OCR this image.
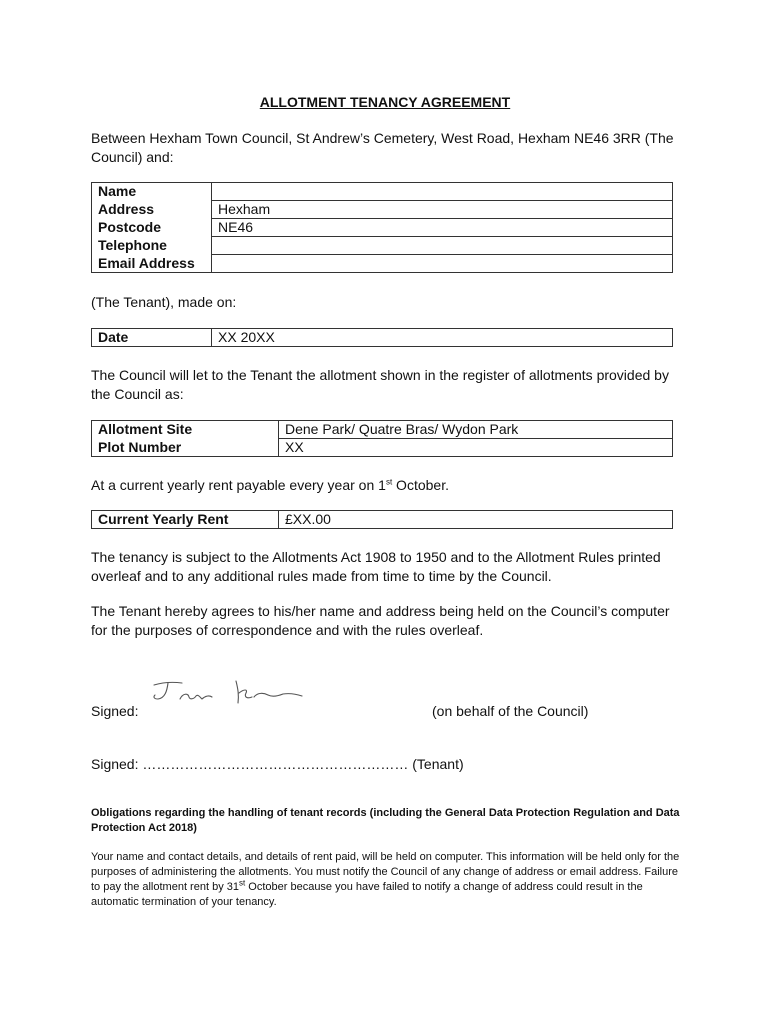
ALLOTMENT TENANCY AGREEMENT
Between Hexham Town Council, St Andrew’s Cemetery, West Road, Hexham NE46 3RR (The Council) and:
Name	
Address	Hexham
Postcode	NE46
Telephone	
Email Address	
(The Tenant), made on:
Date	XX 20XX
The Council will let to the Tenant the allotment shown in the register of allotments provided by the Council as:
Allotment Site	Dene Park/ Quatre Bras/ Wydon Park
Plot Number	XX
At a current yearly rent payable every year on 1st October.
Current Yearly Rent	£XX.00
The tenancy is subject to the Allotments Act 1908 to 1950 and to the Allotment Rules printed overleaf and to any additional rules made from time to time by the Council.
The Tenant hereby agrees to his/her name and address being held on the Council’s computer for the purposes of correspondence and with the rules overleaf.
Signed:	(on behalf of the Council)
Signed: ………………………………………………… (Tenant)
Obligations regarding the handling of tenant records (including the General Data Protection Regulation and Data Protection Act 2018)
Your name and contact details, and details of rent paid, will be held on computer. This information will be held only for the purposes of administering the allotments. You must notify the Council of any change of address or email address. Failure to pay the allotment rent by 31st October because you have failed to notify a change of address could result in the automatic termination of your tenancy.
